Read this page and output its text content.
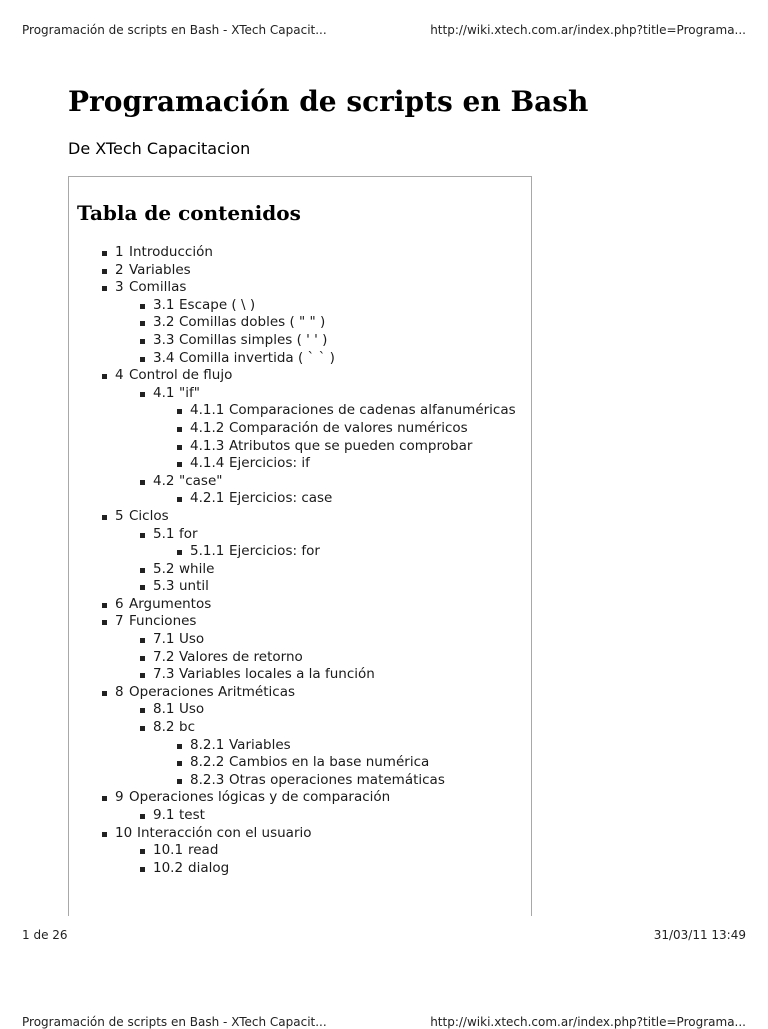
Programación de scripts en Bash - XTech Capacit...	http://wiki.xtech.com.ar/index.php?title=Programa...
Programación de scripts en Bash
De XTech Capacitacion
Tabla de contenidos
1 Introducción
2 Variables
3 Comillas
3.1 Escape ( \ )
3.2 Comillas dobles ( " " )
3.3 Comillas simples ( ' ' )
3.4 Comilla invertida ( ` ` )
4 Control de flujo
4.1 "if"
4.1.1 Comparaciones de cadenas alfanuméricas
4.1.2 Comparación de valores numéricos
4.1.3 Atributos que se pueden comprobar
4.1.4 Ejercicios: if
4.2 "case"
4.2.1 Ejercicios: case
5 Ciclos
5.1 for
5.1.1 Ejercicios: for
5.2 while
5.3 until
6 Argumentos
7 Funciones
7.1 Uso
7.2 Valores de retorno
7.3 Variables locales a la función
8 Operaciones Aritméticas
8.1 Uso
8.2 bc
8.2.1 Variables
8.2.2 Cambios en la base numérica
8.2.3 Otras operaciones matemáticas
9 Operaciones lógicas y de comparación
9.1 test
10 Interacción con el usuario
10.1 read
10.2 dialog
1 de 26	31/03/11 13:49
Programación de scripts en Bash - XTech Capacit...	http://wiki.xtech.com.ar/index.php?title=Programa...
